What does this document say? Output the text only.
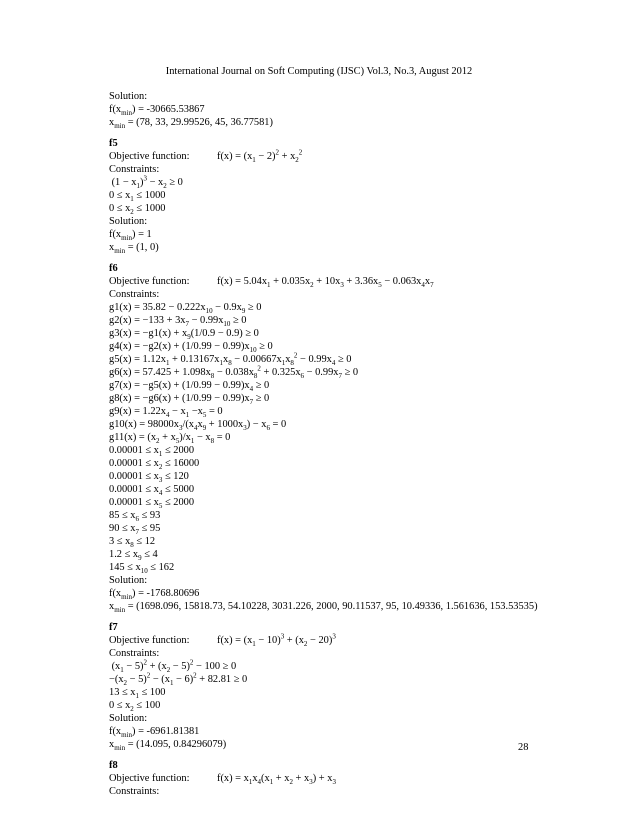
International Journal on Soft Computing (IJSC) Vol.3, No.3, August 2012
Solution:
$f(x_{min}) = -30665.53867$
$x_{min} = (78$, 33, 29.99526, 45, 36.77581)
f5
Objective function:	$f(x) = (x_1 - 2)^2 + x_2^2$
Constraints:
$(1 - x_1)^3 - x_2 \ge 0$
$0 \le x_1 \le 1000$
$0 \le x_2 \le 1000$
Solution:
$f(x_{min}) = 1$
$x_{min} = (1$, 0)
f6
Objective function:	$f(x) = 5.04x_1 + 0.035x_2 + 10x_3 + 3.36x_5 - 0.063x_4x_7$
Constraints:
$g1(x) = 35.82 - 0.222x_{10} - 0.9x_9 \ge 0$
$g2(x) = -133 + 3x_7 - 0.99x_{10} \ge 0$
$g3(x) = -g1(x) + x_9(1/0.9 - 0.9) \ge 0$
$g4(x) = -g2(x) + (1/0.99 - 0.99)x_{10} \ge 0$
$g5(x) = 1.12x_1 + 0.13167x_1x_8 - 0.00667x_1x_8^2 - 0.99x_4 \ge 0$
$g6(x) = 57.425 + 1.098x_8 - 0.038x_8^2 + 0.325x_6 - 0.99x_7 \ge 0$
$g7(x) = -g5(x) + (1/0.99 - 0.99)x_4 \ge 0$
$g8(x) = -g6(x) + (1/0.99 - 0.99)x_7 \ge 0$
$g9(x) = 1.22x_4 - x_1 -x_5 = 0$
$g10(x) = 98000x_3/(x_4x_9 + 1000x_3) - x_6 = 0$
$g11(x) = (x_2 + x_5)/x_1 - x_8 = 0$
$0.00001 \le x_1 \le 2000$
$0.00001 \le x_2 \le 16000$
$0.00001 \le x_3 \le 120$
$0.00001 \le x_4 \le 5000$
$0.00001 \le x_5 \le 2000$
$85 \le x_6 \le 93$
$90 \le x_7 \le 95$
$3 \le x_8 \le 12$
$1.2 \le x_9 \le 4$
$145 \le x_{10} \le 162$
Solution:
$f(x_{min}) = -1768.80696$
$x_{min} = (1698.096$, 15818.73, 54.10228, 3031.226, 2000, 90.11537, 95, 10.49336, 1.561636, 153.53535)
f7
Objective function:	$f(x) = (x_1 - 10)^3 + (x_2 - 20)^3$
Constraints:
$(x_1 - 5)^2 + (x_2 - 5)^2 - 100 \ge 0$
$-(x_2 - 5)^2 - (x_1 - 6)^2 + 82.81 \ge 0$
$13 \le x_1 \le 100$
$0 \le x_2 \le 100$
Solution:
$f(x_{min}) = -6961.81381$
$x_{min} = (14.095$, 0.84296079)
f8
Objective function:	$f(x) = x_1x_4(x_1 + x_2 + x_3) + x_3$
Constraints:
28
